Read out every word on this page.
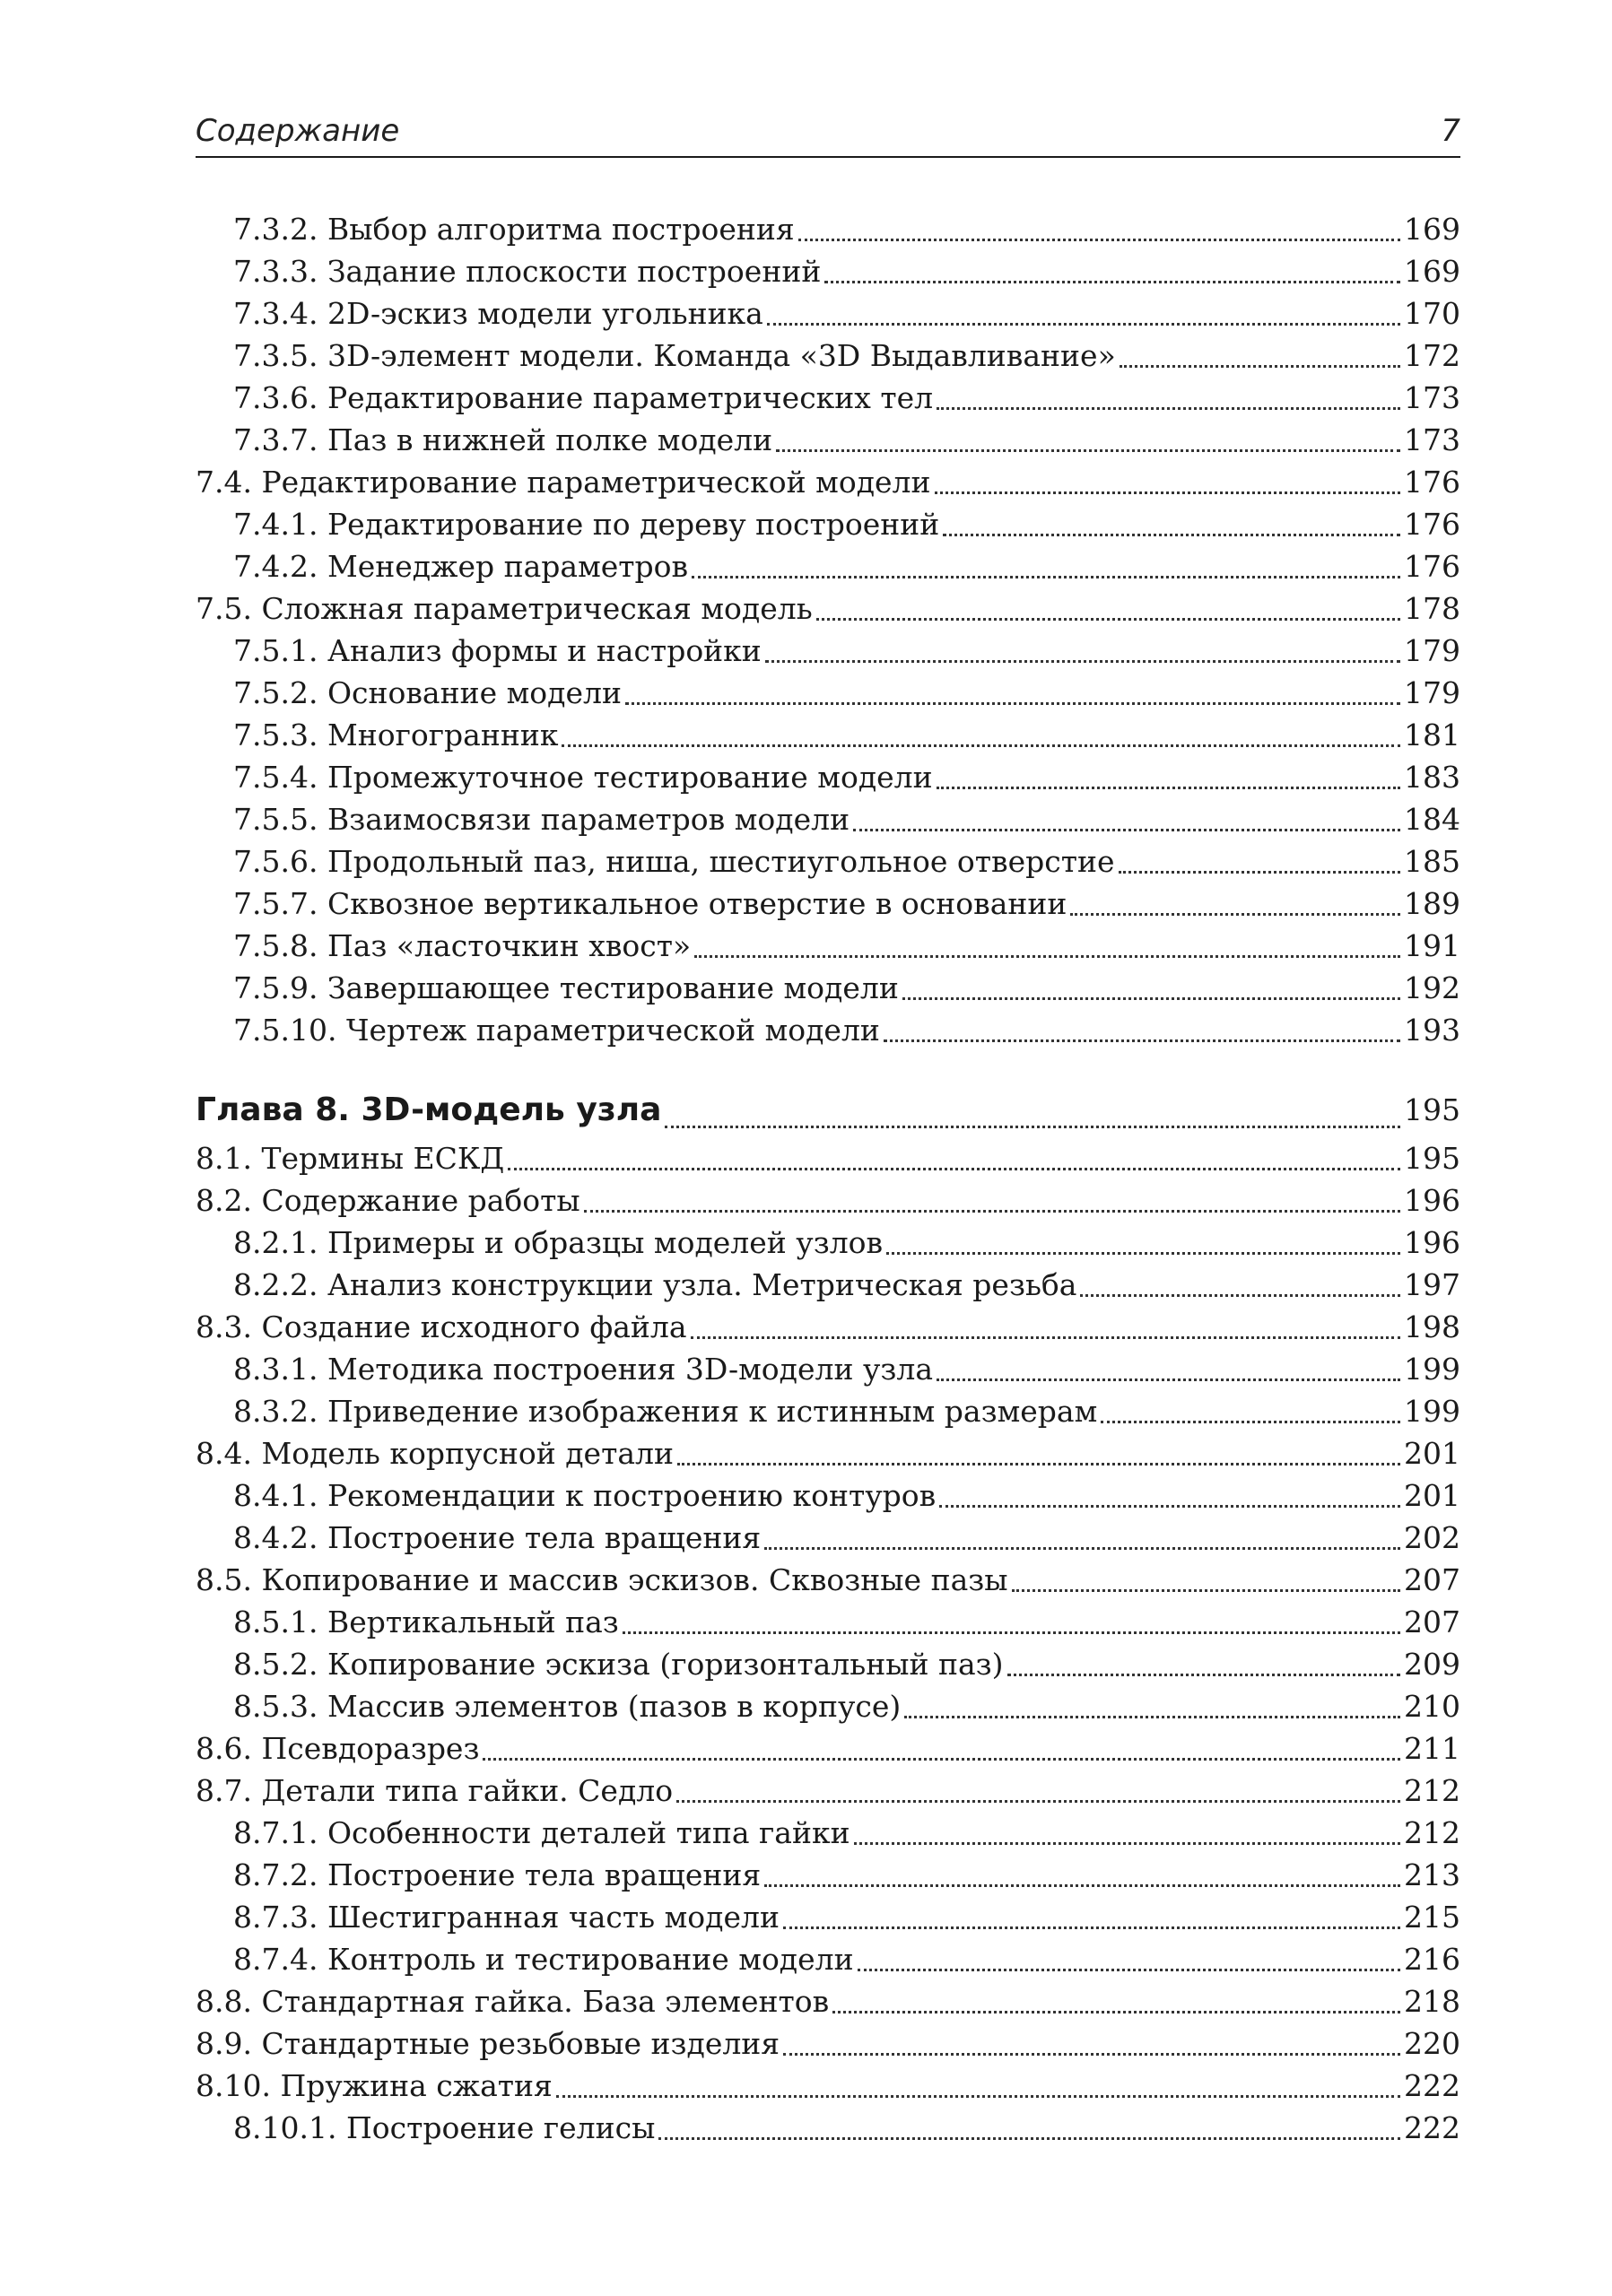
Содержание	7
7.3.2. Выбор алгоритма построения	169
7.3.3. Задание плоскости построений	169
7.3.4. 2D-эскиз модели угольника	170
7.3.5. 3D-элемент модели. Команда «3D Выдавливание»	172
7.3.6. Редактирование параметрических тел	173
7.3.7. Паз в нижней полке модели	173
7.4. Редактирование параметрической модели	176
7.4.1. Редактирование по дереву построений	176
7.4.2. Менеджер параметров	176
7.5. Сложная параметрическая модель	178
7.5.1. Анализ формы и настройки	179
7.5.2. Основание модели	179
7.5.3. Многогранник	181
7.5.4. Промежуточное тестирование модели	183
7.5.5. Взаимосвязи параметров модели	184
7.5.6. Продольный паз, ниша, шестиугольное отверстие	185
7.5.7. Сквозное вертикальное отверстие в основании	189
7.5.8. Паз «ласточкин хвост»	191
7.5.9. Завершающее тестирование модели	192
7.5.10. Чертеж параметрической модели	193
Глава 8. 3D-модель узла	195
8.1. Термины ЕСКД	195
8.2. Содержание работы	196
8.2.1. Примеры и образцы моделей узлов	196
8.2.2. Анализ конструкции узла. Метрическая резьба	197
8.3. Создание исходного файла	198
8.3.1. Методика построения 3D-модели узла	199
8.3.2. Приведение изображения к истинным размерам	199
8.4. Модель корпусной детали	201
8.4.1. Рекомендации к построению контуров	201
8.4.2. Построение тела вращения	202
8.5. Копирование и массив эскизов. Сквозные пазы	207
8.5.1. Вертикальный паз	207
8.5.2. Копирование эскиза (горизонтальный паз)	209
8.5.3. Массив элементов (пазов в корпусе)	210
8.6. Псевдоразрез	211
8.7. Детали типа гайки. Седло	212
8.7.1. Особенности деталей типа гайки	212
8.7.2. Построение тела вращения	213
8.7.3. Шестигранная часть модели	215
8.7.4. Контроль и тестирование модели	216
8.8. Стандартная гайка. База элементов	218
8.9. Стандартные резьбовые изделия	220
8.10. Пружина сжатия	222
8.10.1. Построение гелисы	222
